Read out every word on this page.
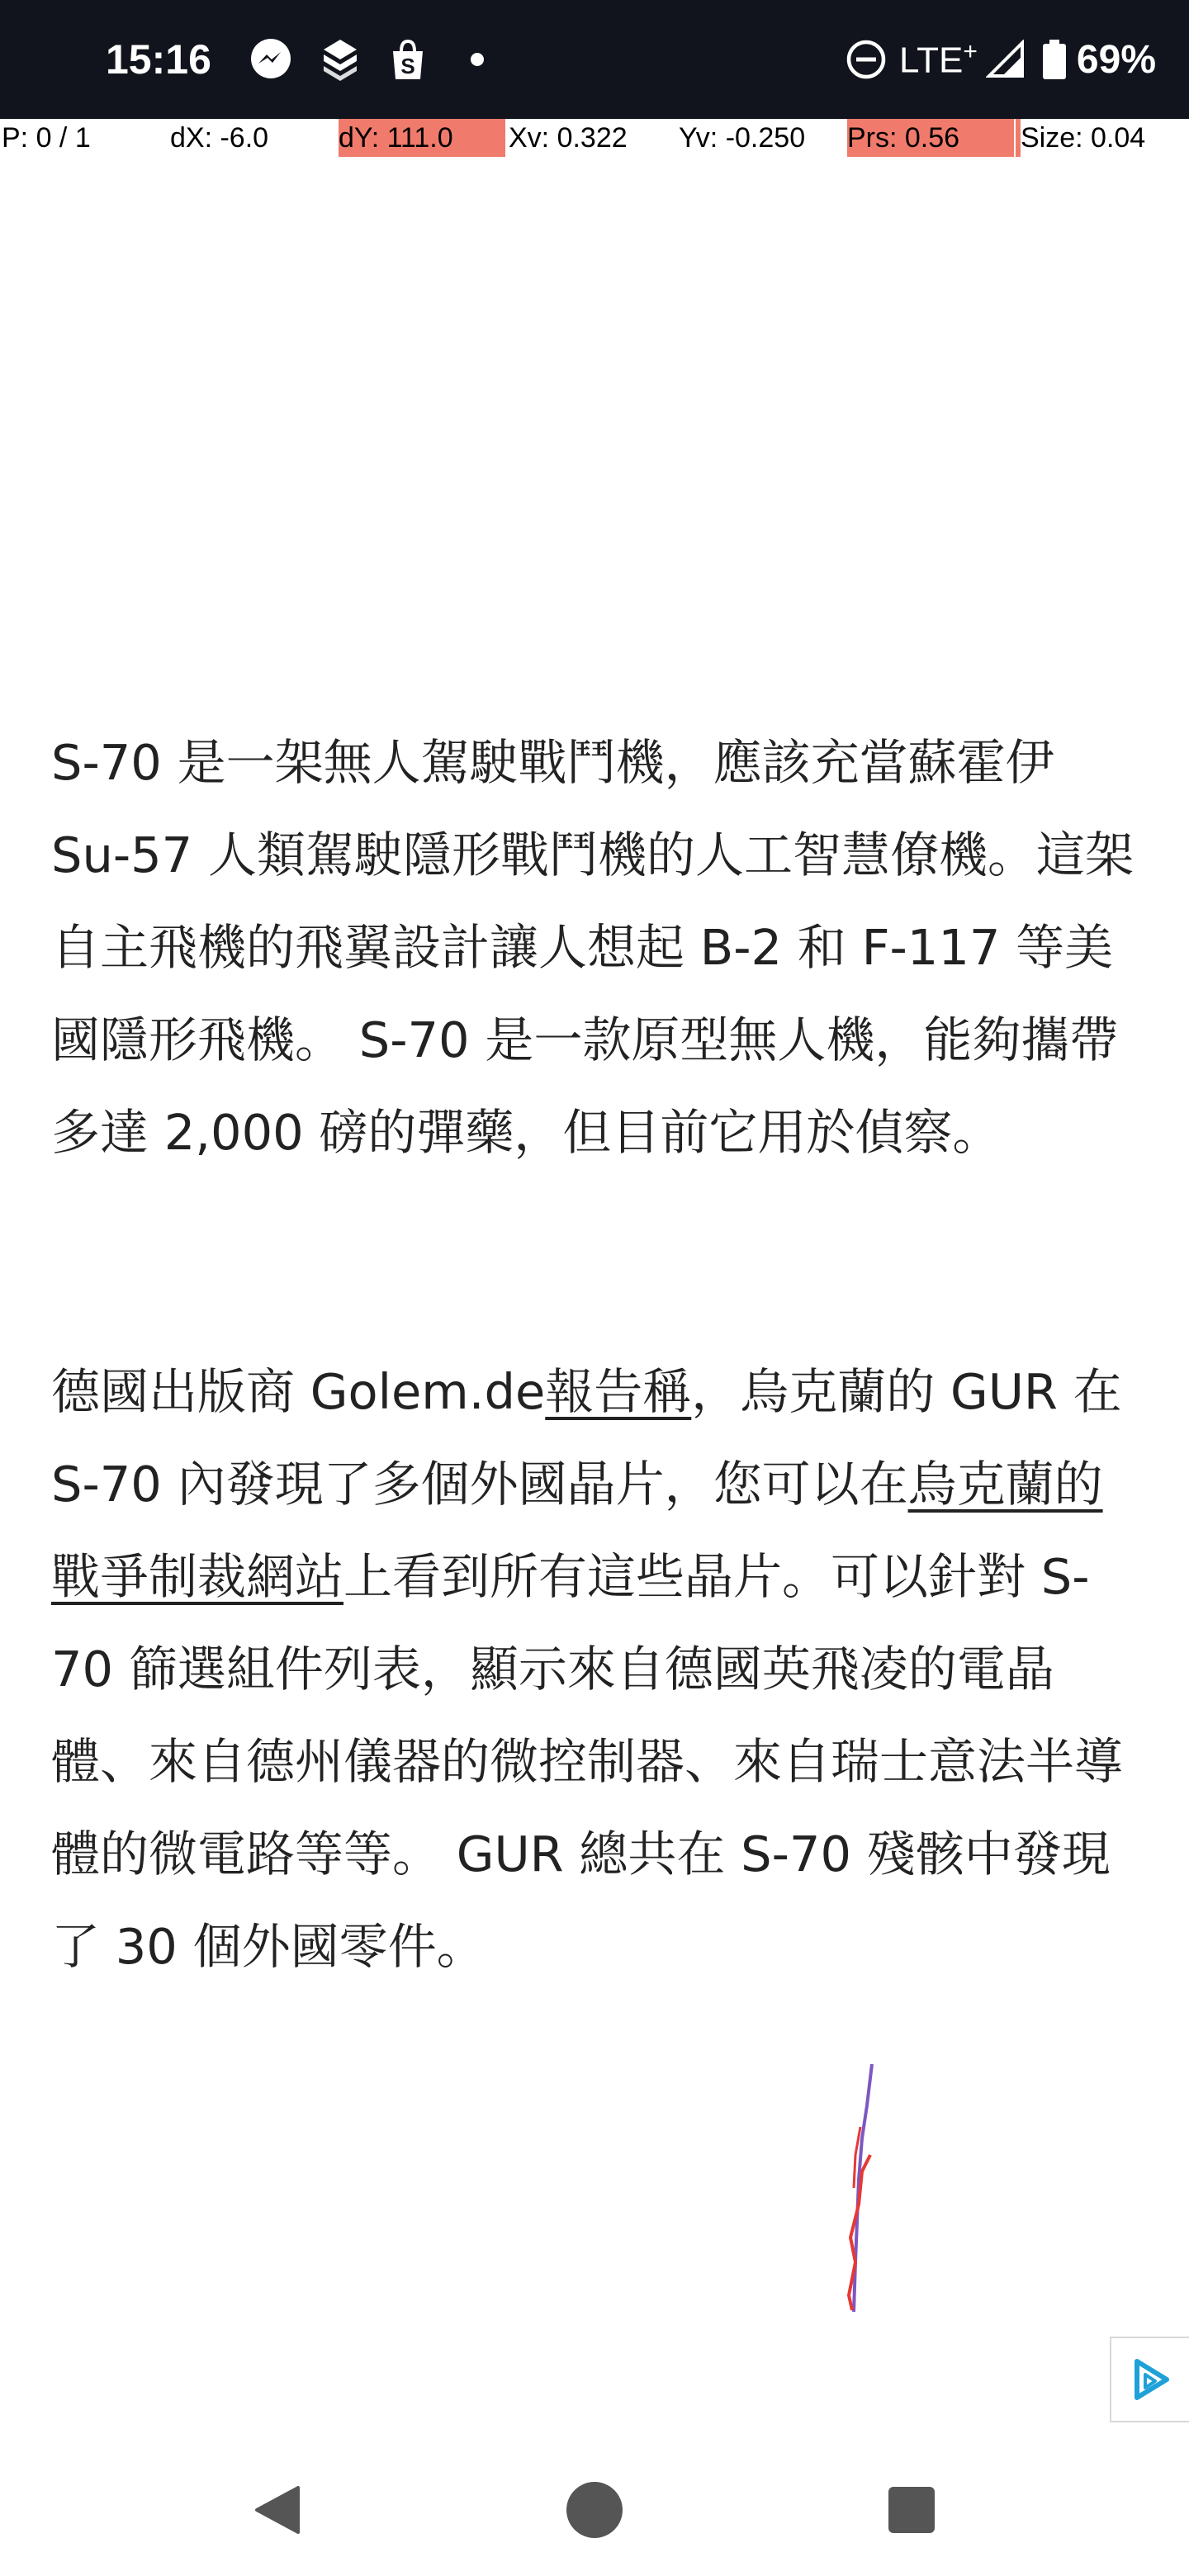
15:16	S	LTE+	69%
P: 0 / 1	dX: -6.0 dY: 111.0	Xv: 0.322 Yv: -0.250 Prs: 0.56	Size: 0.04
S-70 是一架無人駕駛戰鬥機，應該充當蘇霍伊 Su-57 人類駕駛隱形戰鬥機的人工智慧僚機。這架自主飛機的飛翼設計讓人想起 B-2 和 F-117 等美國隱形飛機。 S-70 是一款原型無人機，能夠攜帶多達 2,000 磅的彈藥，但目前它用於偵察。
德國出版商 Golem.de報告稱，烏克蘭的 GUR 在 S-70 內發現了多個外國晶片，您可以在烏克蘭的戰爭制裁網站上看到所有這些晶片。可以針對 S-70 篩選組件列表，顯示來自德國英飛凌的電晶體、來自德州儀器的微控制器、來自瑞士意法半導體的微電路等等。 GUR 總共在 S-70 殘骸中發現了 30 個外國零件。
